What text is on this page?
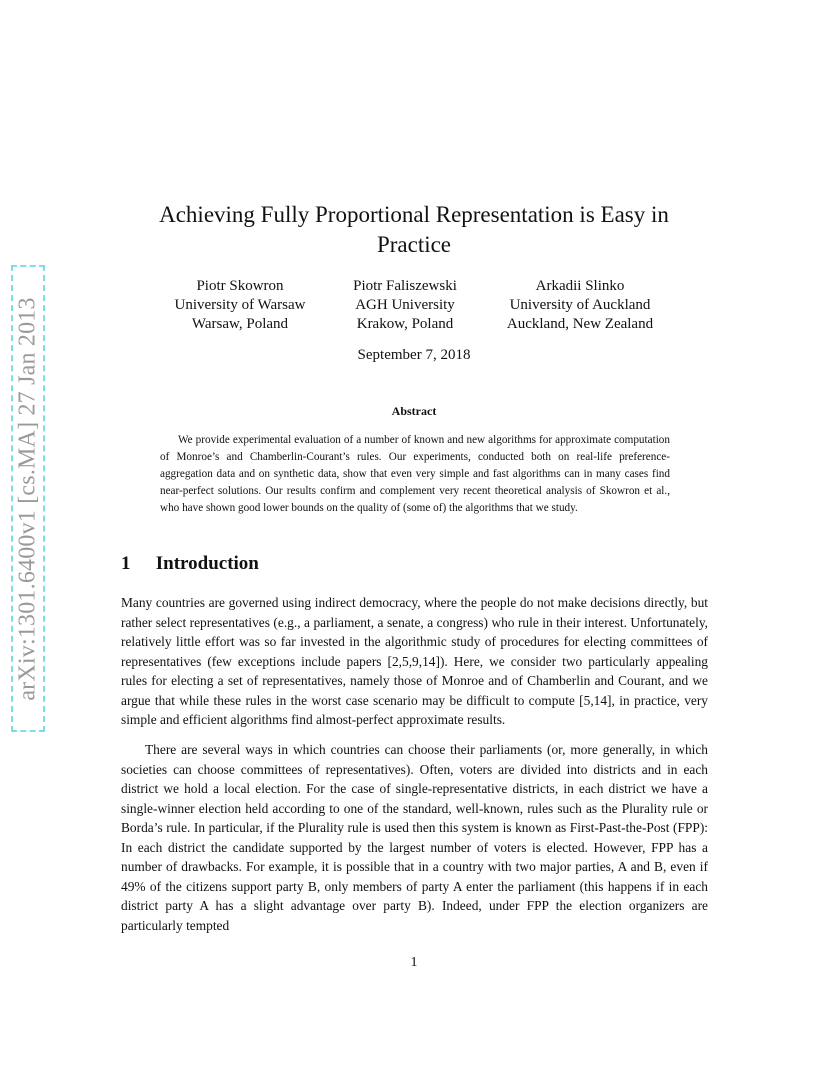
arXiv:1301.6400v1 [cs.MA] 27 Jan 2013
Achieving Fully Proportional Representation is Easy in Practice
Piotr Skowron
University of Warsaw
Warsaw, Poland
Piotr Faliszewski
AGH University
Krakow, Poland
Arkadii Slinko
University of Auckland
Auckland, New Zealand
September 7, 2018
Abstract

We provide experimental evaluation of a number of known and new algorithms for approximate computation of Monroe’s and Chamberlin-Courant’s rules. Our experiments, conducted both on real-life preference-aggregation data and on synthetic data, show that even very simple and fast algorithms can in many cases find near-perfect solutions. Our results confirm and complement very recent theoretical analysis of Skowron et al., who have shown good lower bounds on the quality of (some of) the algorithms that we study.

1 Introduction

Many countries are governed using indirect democracy, where the people do not make decisions directly, but rather select representatives (e.g., a parliament, a senate, a congress) who rule in their interest. Unfortunately, relatively little effort was so far invested in the algorithmic study of procedures for electing committees of representatives (few exceptions include papers [2,5,9,14]). Here, we consider two particularly appealing rules for electing a set of representatives, namely those of Monroe and of Chamberlin and Courant, and we argue that while these rules in the worst case scenario may be difficult to compute [5,14], in practice, very simple and efficient algorithms find almost-perfect approximate results.

There are several ways in which countries can choose their parliaments (or, more generally, in which societies can choose committees of representatives). Often, voters are divided into districts and in each district we hold a local election. For the case of single-representative districts, in each district we have a single-winner election held according to one of the standard, well-known, rules such as the Plurality rule or Borda’s rule. In particular, if the Plurality rule is used then this system is known as First-Past-the-Post (FPP): In each district the candidate supported by the largest number of voters is elected. However, FPP has a number of drawbacks. For example, it is possible that in a country with two major parties, A and B, even if 49% of the citizens support party B, only members of party A enter the parliament (this happens if in each district party A has a slight advantage over party B). Indeed, under FPP the election organizers are particularly tempted

1
